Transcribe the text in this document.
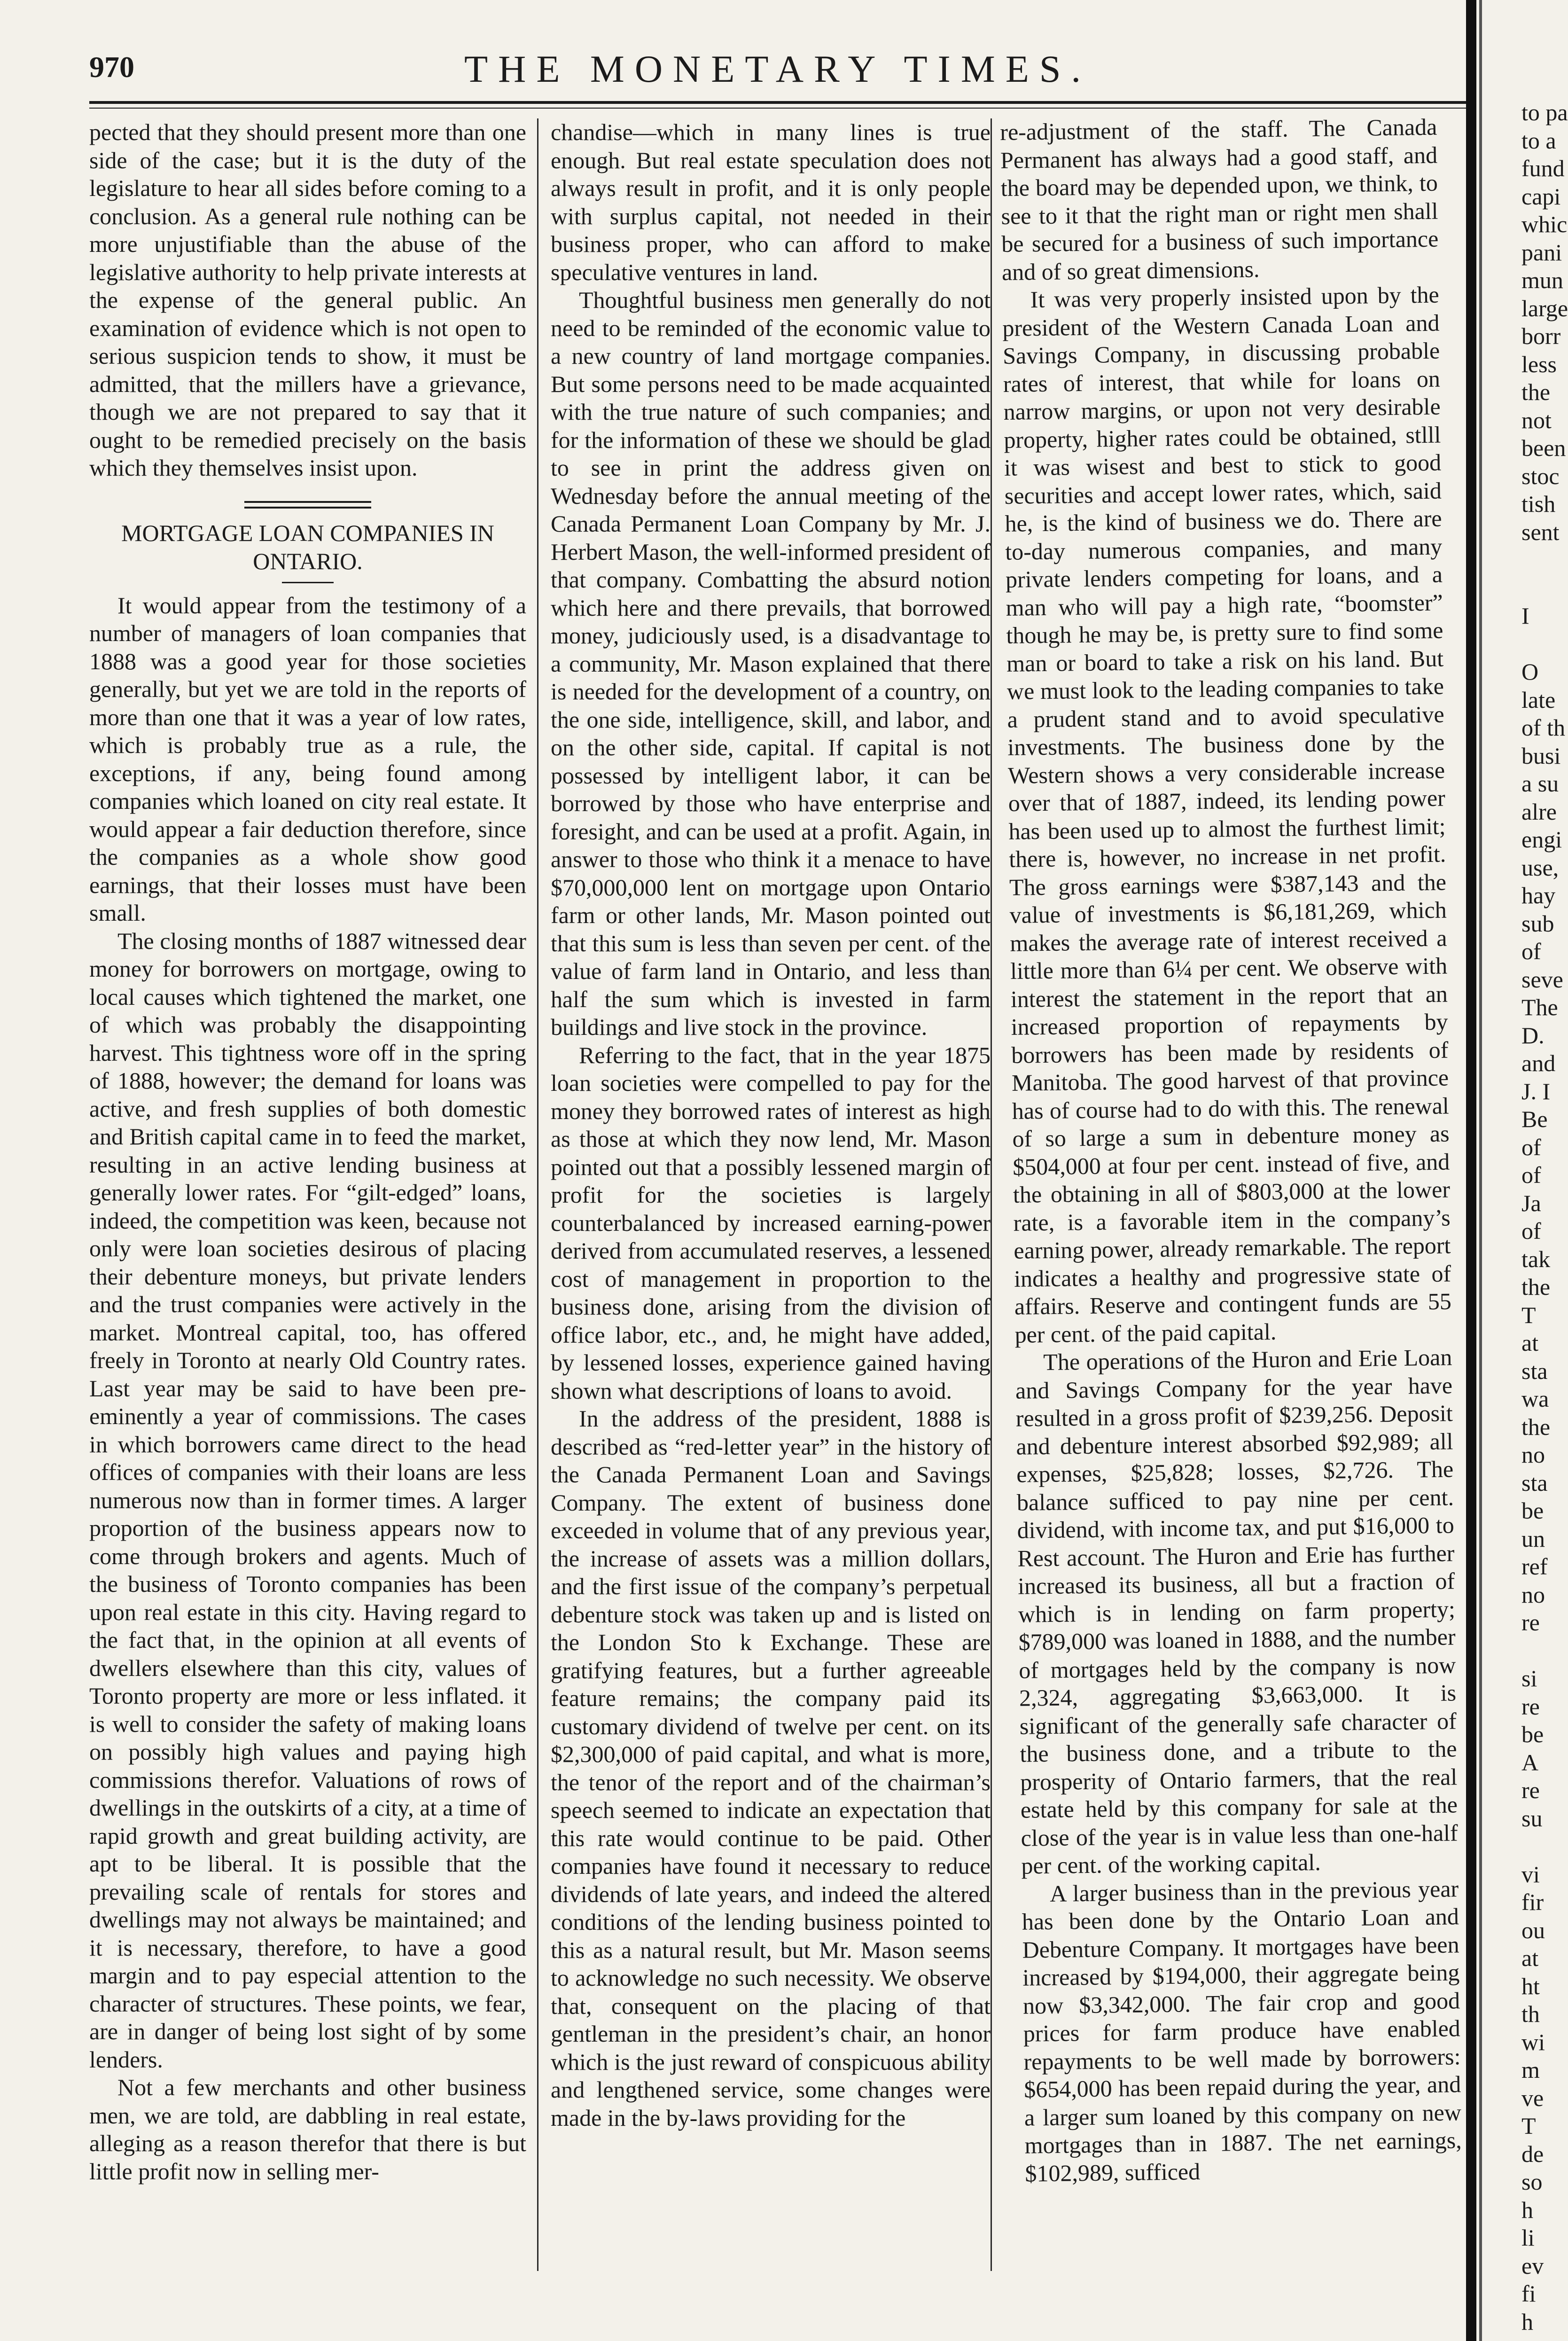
970	THE MONETARY TIMES.

pected that they should present more than one side of the case; but it is the duty of the legislature to hear all sides before coming to a conclusion. As a general rule nothing can be more unjustifiable than the abuse of the legislative authority to help private interests at the expense of the general public. An examination of evidence which is not open to serious suspicion tends to show, it must be admitted, that the millers have a grievance, though we are not prepared to say that it ought to be remedied precisely on the basis which they themselves insist upon.

MORTGAGE LOAN COMPANIES IN ONTARIO.

It would appear from the testimony of a number of managers of loan companies that 1888 was a good year for those societies generally, but yet we are told in the reports of more than one that it was a year of low rates, which is probably true as a rule, the exceptions, if any, being found among companies which loaned on city real estate. It would appear a fair deduction therefore, since the companies as a whole show good earnings, that their losses must have been small.

The closing months of 1887 witnessed dear money for borrowers on mortgage, owing to local causes which tightened the market, one of which was probably the disappointing harvest. This tightness wore off in the spring of 1888, however; the demand for loans was active, and fresh supplies of both domestic and British capital came in to feed the market, resulting in an active lending business at generally lower rates. For “gilt-edged” loans, indeed, the competition was keen, because not only were loan societies desirous of placing their debenture moneys, but private lenders and the trust companies were actively in the market. Montreal capital, too, has offered freely in Toronto at nearly Old Country rates. Last year may be said to have been pre-eminently a year of commissions. The cases in which borrowers came direct to the head offices of companies with their loans are less numerous now than in former times. A larger proportion of the business appears now to come through brokers and agents. Much of the business of Toronto companies has been upon real estate in this city. Having regard to the fact that, in the opinion at all events of dwellers elsewhere than this city, values of Toronto property are more or less inflated. it is well to consider the safety of making loans on possibly high values and paying high commissions therefor. Valuations of rows of dwellings in the outskirts of a city, at a time of rapid growth and great building activity, are apt to be liberal. It is possible that the prevailing scale of rentals for stores and dwellings may not always be maintained; and it is necessary, therefore, to have a good margin and to pay especial attention to the character of structures. These points, we fear, are in danger of being lost sight of by some lenders.

Not a few merchants and other business men, we are told, are dabbling in real estate, alleging as a reason therefor that there is but little profit now in selling mer-

chandise—which in many lines is true enough. But real estate speculation does not always result in profit, and it is only people with surplus capital, not needed in their business proper, who can afford to make speculative ventures in land.

Thoughtful business men generally do not need to be reminded of the economic value to a new country of land mortgage companies. But some persons need to be made acquainted with the true nature of such companies; and for the information of these we should be glad to see in print the address given on Wednesday before the annual meeting of the Canada Permanent Loan Company by Mr. J. Herbert Mason, the well-informed president of that company. Combatting the absurd notion which here and there prevails, that borrowed money, judiciously used, is a disadvantage to a community, Mr. Mason explained that there is needed for the development of a country, on the one side, intelligence, skill, and labor, and on the other side, capital. If capital is not possessed by intelligent labor, it can be borrowed by those who have enterprise and foresight, and can be used at a profit. Again, in answer to those who think it a menace to have $70,000,000 lent on mortgage upon Ontario farm or other lands, Mr. Mason pointed out that this sum is less than seven per cent. of the value of farm land in Ontario, and less than half the sum which is invested in farm buildings and live stock in the province.

Referring to the fact, that in the year 1875 loan societies were compelled to pay for the money they borrowed rates of interest as high as those at which they now lend, Mr. Mason pointed out that a possibly lessened margin of profit for the societies is largely counterbalanced by increased earning-power derived from accumulated reserves, a lessened cost of management in proportion to the business done, arising from the division of office labor, etc., and, he might have added, by lessened losses, experience gained having shown what descriptions of loans to avoid.

In the address of the president, 1888 is described as “red-letter year” in the history of the Canada Permanent Loan and Savings Company. The extent of business done exceeded in volume that of any previous year, the increase of assets was a million dollars, and the first issue of the company’s perpetual debenture stock was taken up and is listed on the London Sto k Exchange. These are gratifying features, but a further agreeable feature remains; the company paid its customary dividend of twelve per cent. on its $2,300,000 of paid capital, and what is more, the tenor of the report and of the chairman’s speech seemed to indicate an expectation that this rate would continue to be paid. Other companies have found it necessary to reduce dividends of late years, and indeed the altered conditions of the lending business pointed to this as a natural result, but Mr. Mason seems to acknowledge no such necessity. We observe that, consequent on the placing of that gentleman in the president’s chair, an honor which is the just reward of conspicuous ability and lengthened service, some changes were made in the by-laws providing for the

re-adjustment of the staff. The Canada Permanent has always had a good staff, and the board may be depended upon, we think, to see to it that the right man or right men shall be secured for a business of such importance and of so great dimensions.

It was very properly insisted upon by the president of the Western Canada Loan and Savings Company, in discussing probable rates of interest, that while for loans on narrow margins, or upon not very desirable property, higher rates could be obtained, stlll it was wisest and best to stick to good securities and accept lower rates, which, said he, is the kind of business we do. There are to-day numerous companies, and many private lenders competing for loans, and a man who will pay a high rate, “boomster” though he may be, is pretty sure to find some man or board to take a risk on his land. But we must look to the leading companies to take a prudent stand and to avoid speculative investments. The business done by the Western shows a very considerable increase over that of 1887, indeed, its lending power has been used up to almost the furthest limit; there is, however, no increase in net profit. The gross earnings were $387,143 and the value of investments is $6,181,269, which makes the average rate of interest received a little more than 6¼ per cent. We observe with interest the statement in the report that an increased proportion of repayments by borrowers has been made by residents of Manitoba. The good harvest of that province has of course had to do with this. The renewal of so large a sum in debenture money as $504,000 at four per cent. instead of five, and the obtaining in all of $803,000 at the lower rate, is a favorable item in the company’s earning power, already remarkable. The report indicates a healthy and progressive state of affairs. Reserve and contingent funds are 55 per cent. of the paid capital.

The operations of the Huron and Erie Loan and Savings Company for the year have resulted in a gross profit of $239,256. Deposit and debenture interest absorbed $92,989; all expenses, $25,828; losses, $2,726. The balance sufficed to pay nine per cent. dividend, with income tax, and put $16,000 to Rest account. The Huron and Erie has further increased its business, all but a fraction of which is in lending on farm property; $789,000 was loaned in 1888, and the number of mortgages held by the company is now 2,324, aggregating $3,663,000. It is significant of the generally safe character of the business done, and a tribute to the prosperity of Ontario farmers, that the real estate held by this company for sale at the close of the year is in value less than one-half per cent. of the working capital.

A larger business than in the previous year has been done by the Ontario Loan and Debenture Company. It mortgages have been increased by $194,000, their aggregate being now $3,342,000. The fair crop and good prices for farm produce have enabled repayments to be well made by borrowers: $654,000 has been repaid during the year, and a larger sum loaned by this company on new mortgages than in 1887. The net earnings, $102,989, sufficed

to pa
to a
fund
capi
whic
pani
mun
large
borr
less
the
not
been
stoc
tish
sent

I

O
late
of th
busi
a su
alre
engi
use,
hay
sub
of
seve
The
D.
and
J. I
Be
of
of
Ja
of
tak
the
T
at
sta
wa
the
no
sta
be
un
ref
no
re

si
re
be
A
re
su

vi
fir
ou
at
ht
th
wi
m
ve
T
de
so
h
li
ev
fi
h
